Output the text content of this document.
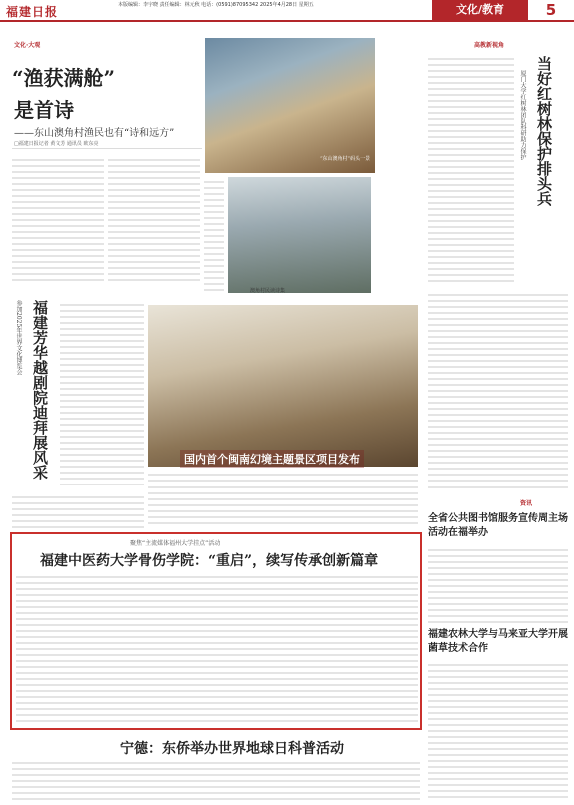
福建日报	本版编辑：李宇晓 责任编辑：林元秋 电话：(0591)87095342 2025年4月28日 星期五	文化/教育	5
文化·大观
“渔获满舱”
是首诗
——东山澳角村渔民也有“诗和远方”
□福建日报记者 黄文芳 通讯员 欧东亮
“东山澳角村”码头一景
澳角村民读诗集
福建芳华越剧院迪拜展风采
参加2025年世界文化博览会
国内首个闽南幻境主题景区项目发布
高教新视角
当好红树林保护排头兵
厦门大学红树林团队科研助力保护
资讯
全省公共图书馆服务宣传周主场活动在福举办
福建农林大学与马来亚大学开展菌草技术合作
聚焦“主流媒体福州大学挂点”活动
福建中医药大学骨伤学院：“重启”，续写传承创新篇章
宁德：东侨举办世界地球日科普活动
